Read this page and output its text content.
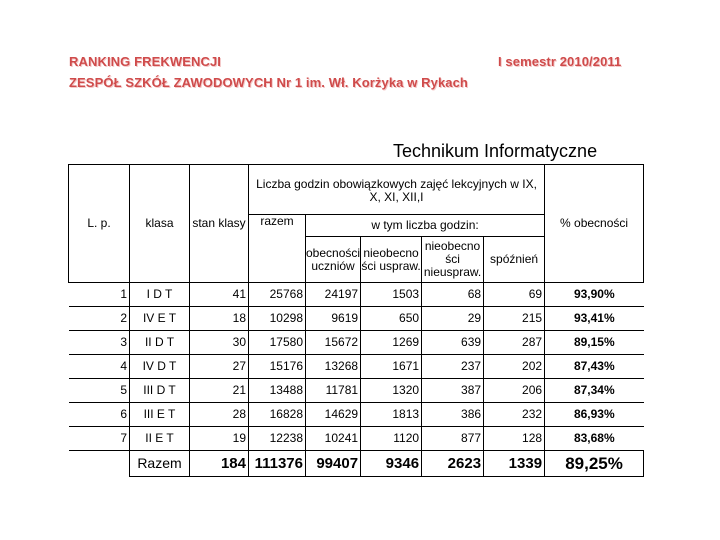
RANKING FREKWENCJI	I semestr 2010/2011
ZESPÓŁ SZKÓŁ ZAWODOWYCH Nr 1 im. Wł. Korżyka w Rykach
Technikum Informatyczne
L. p.	klasa	stan klasy	Liczba godzin obowiązkowych zajęć lekcyjnych w IX, X, XI, XII,I					% obecności
			razem	w tym liczba godzin:				
				obecności uczniów	nieobecno ści uspraw.	nieobecno ści nieuspraw.	spóźnień	
1	I D T	41	25768	24197	1503	68	69	93,90%
2	IV E T	18	10298	9619	650	29	215	93,41%
3	II D T	30	17580	15672	1269	639	287	89,15%
4	IV D T	27	15176	13268	1671	237	202	87,43%
5	III D T	21	13488	11781	1320	387	206	87,34%
6	III E T	28	16828	14629	1813	386	232	86,93%
7	II E T	19	12238	10241	1120	877	128	83,68%
	Razem	184	111376	99407	9346	2623	1339	89,25%
